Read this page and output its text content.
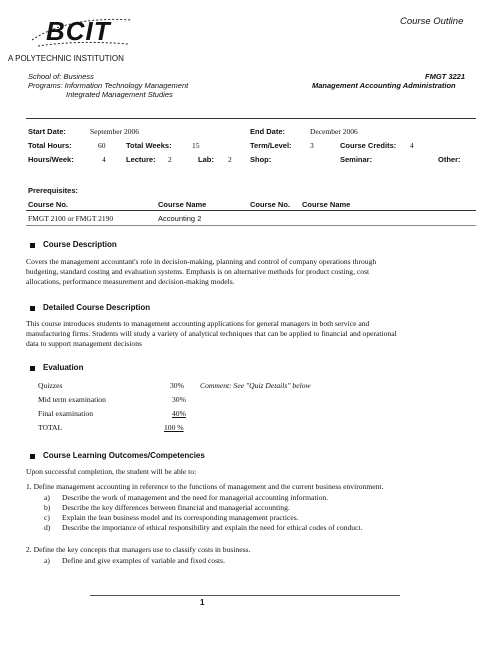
BCIT
A POLYTECHNIC INSTITUTION
Course Outline
School of: Business
Programs: Information Technology Management
Integrated Management Studies
FMGT 3221
Management Accounting Administration
Start Date:	September 2006	End Date:	December 2006
Total Hours:	60	Total Weeks:	15	Term/Level: 3	Course Credits: 4
Hours/Week:	4	Lecture: 2	Lab: 2 Shop:	Seminar:	Other:
Prerequisites:
Course No.	Course Name	Course No. Course Name
FMGT 2100 or FMGT 2190	Accounting 2
Course Description
Covers the management accountant's role in decision-making, planning and control of company operations through
budgeting, standard costing and evaluation systems. Emphasis is on alternative methods for product costing, cost
allocations, performance measurement and decision-making models.
Detailed Course Description
This course introduces students to management accounting applications for general managers in both service and
manufacturing firms. Students will study a variety of analytical techniques that can be applied to financial and operational
data to support management decisions
Evaluation
Quizzes	30% Comment: See "Quiz Details" below
Mid term examination	30%
Final examination	40%
TOTAL	100 %
Course Learning Outcomes/Competencies
Upon successful completion, the student will be able to:
1. Define management accounting in reference to the functions of management and the current business environment.
a) Describe the work of management and the need for managerial accounting information.
b) Describe the key differences between financial and managerial accounting.
c) Explain the lean business model and its corresponding management practices.
d) Describe the importance of ethical responsibility and explain the need for ethical codes of conduct.
2. Define the key concepts that managers use to classify costs in business.
a) Define and give examples of variable and fixed costs.
1
